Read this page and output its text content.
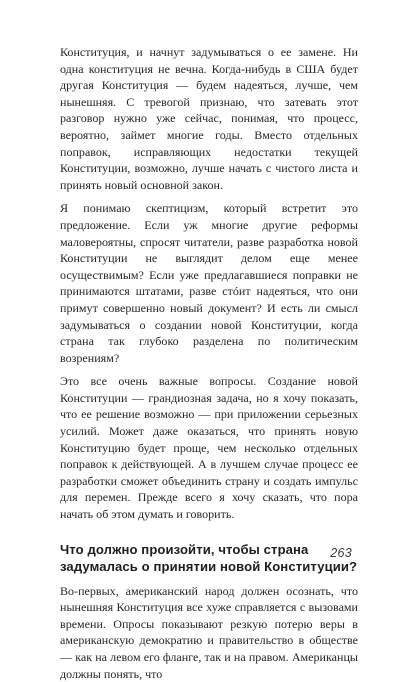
Конституция, и начнут задумываться о ее замене. Ни одна конституция не вечна. Когда-нибудь в США будет другая Конституция — будем надеяться, лучше, чем нынешняя. С тревогой признаю, что затевать этот разговор нужно уже сейчас, понимая, что процесс, вероятно, займет многие годы. Вместо отдельных поправок, исправляющих недостатки текущей Конституции, возможно, лучше начать с чистого листа и принять новый основной закон.

Я понимаю скептицизм, который встретит это предложение. Если уж многие другие реформы маловероятны, спросят читатели, разве разработка новой Конституции не выглядит делом еще менее осуществимым? Если уже предлагавшиеся поправки не принимаются штатами, разве стóит надеяться, что они примут совершенно новый документ? И есть ли смысл задумываться о создании новой Конституции, когда страна так глубоко разделена по политическим возрениям?

Это все очень важные вопросы. Создание новой Конституции — грандиозная задача, но я хочу показать, что ее решение возможно — при приложении серьезных усилий. Может даже оказаться, что принять новую Конституцию будет проще, чем несколько отдельных поправок к действующей. А в лучшем случае процесс ее разработки сможет объединить страну и создать импульс для перемен. Прежде всего я хочу сказать, что пора начать об этом думать и говорить.

Что должно произойти, чтобы страна задумалась о принятии новой Конституции?

Во-первых, американский народ должен осознать, что нынешняя Конституция все хуже справляется с вызовами времени. Опросы показывают резкую потерю веры в американскую демократию и правительство в обществе — как на левом его фланге, так и на правом. Американцы должны понять, что

263
